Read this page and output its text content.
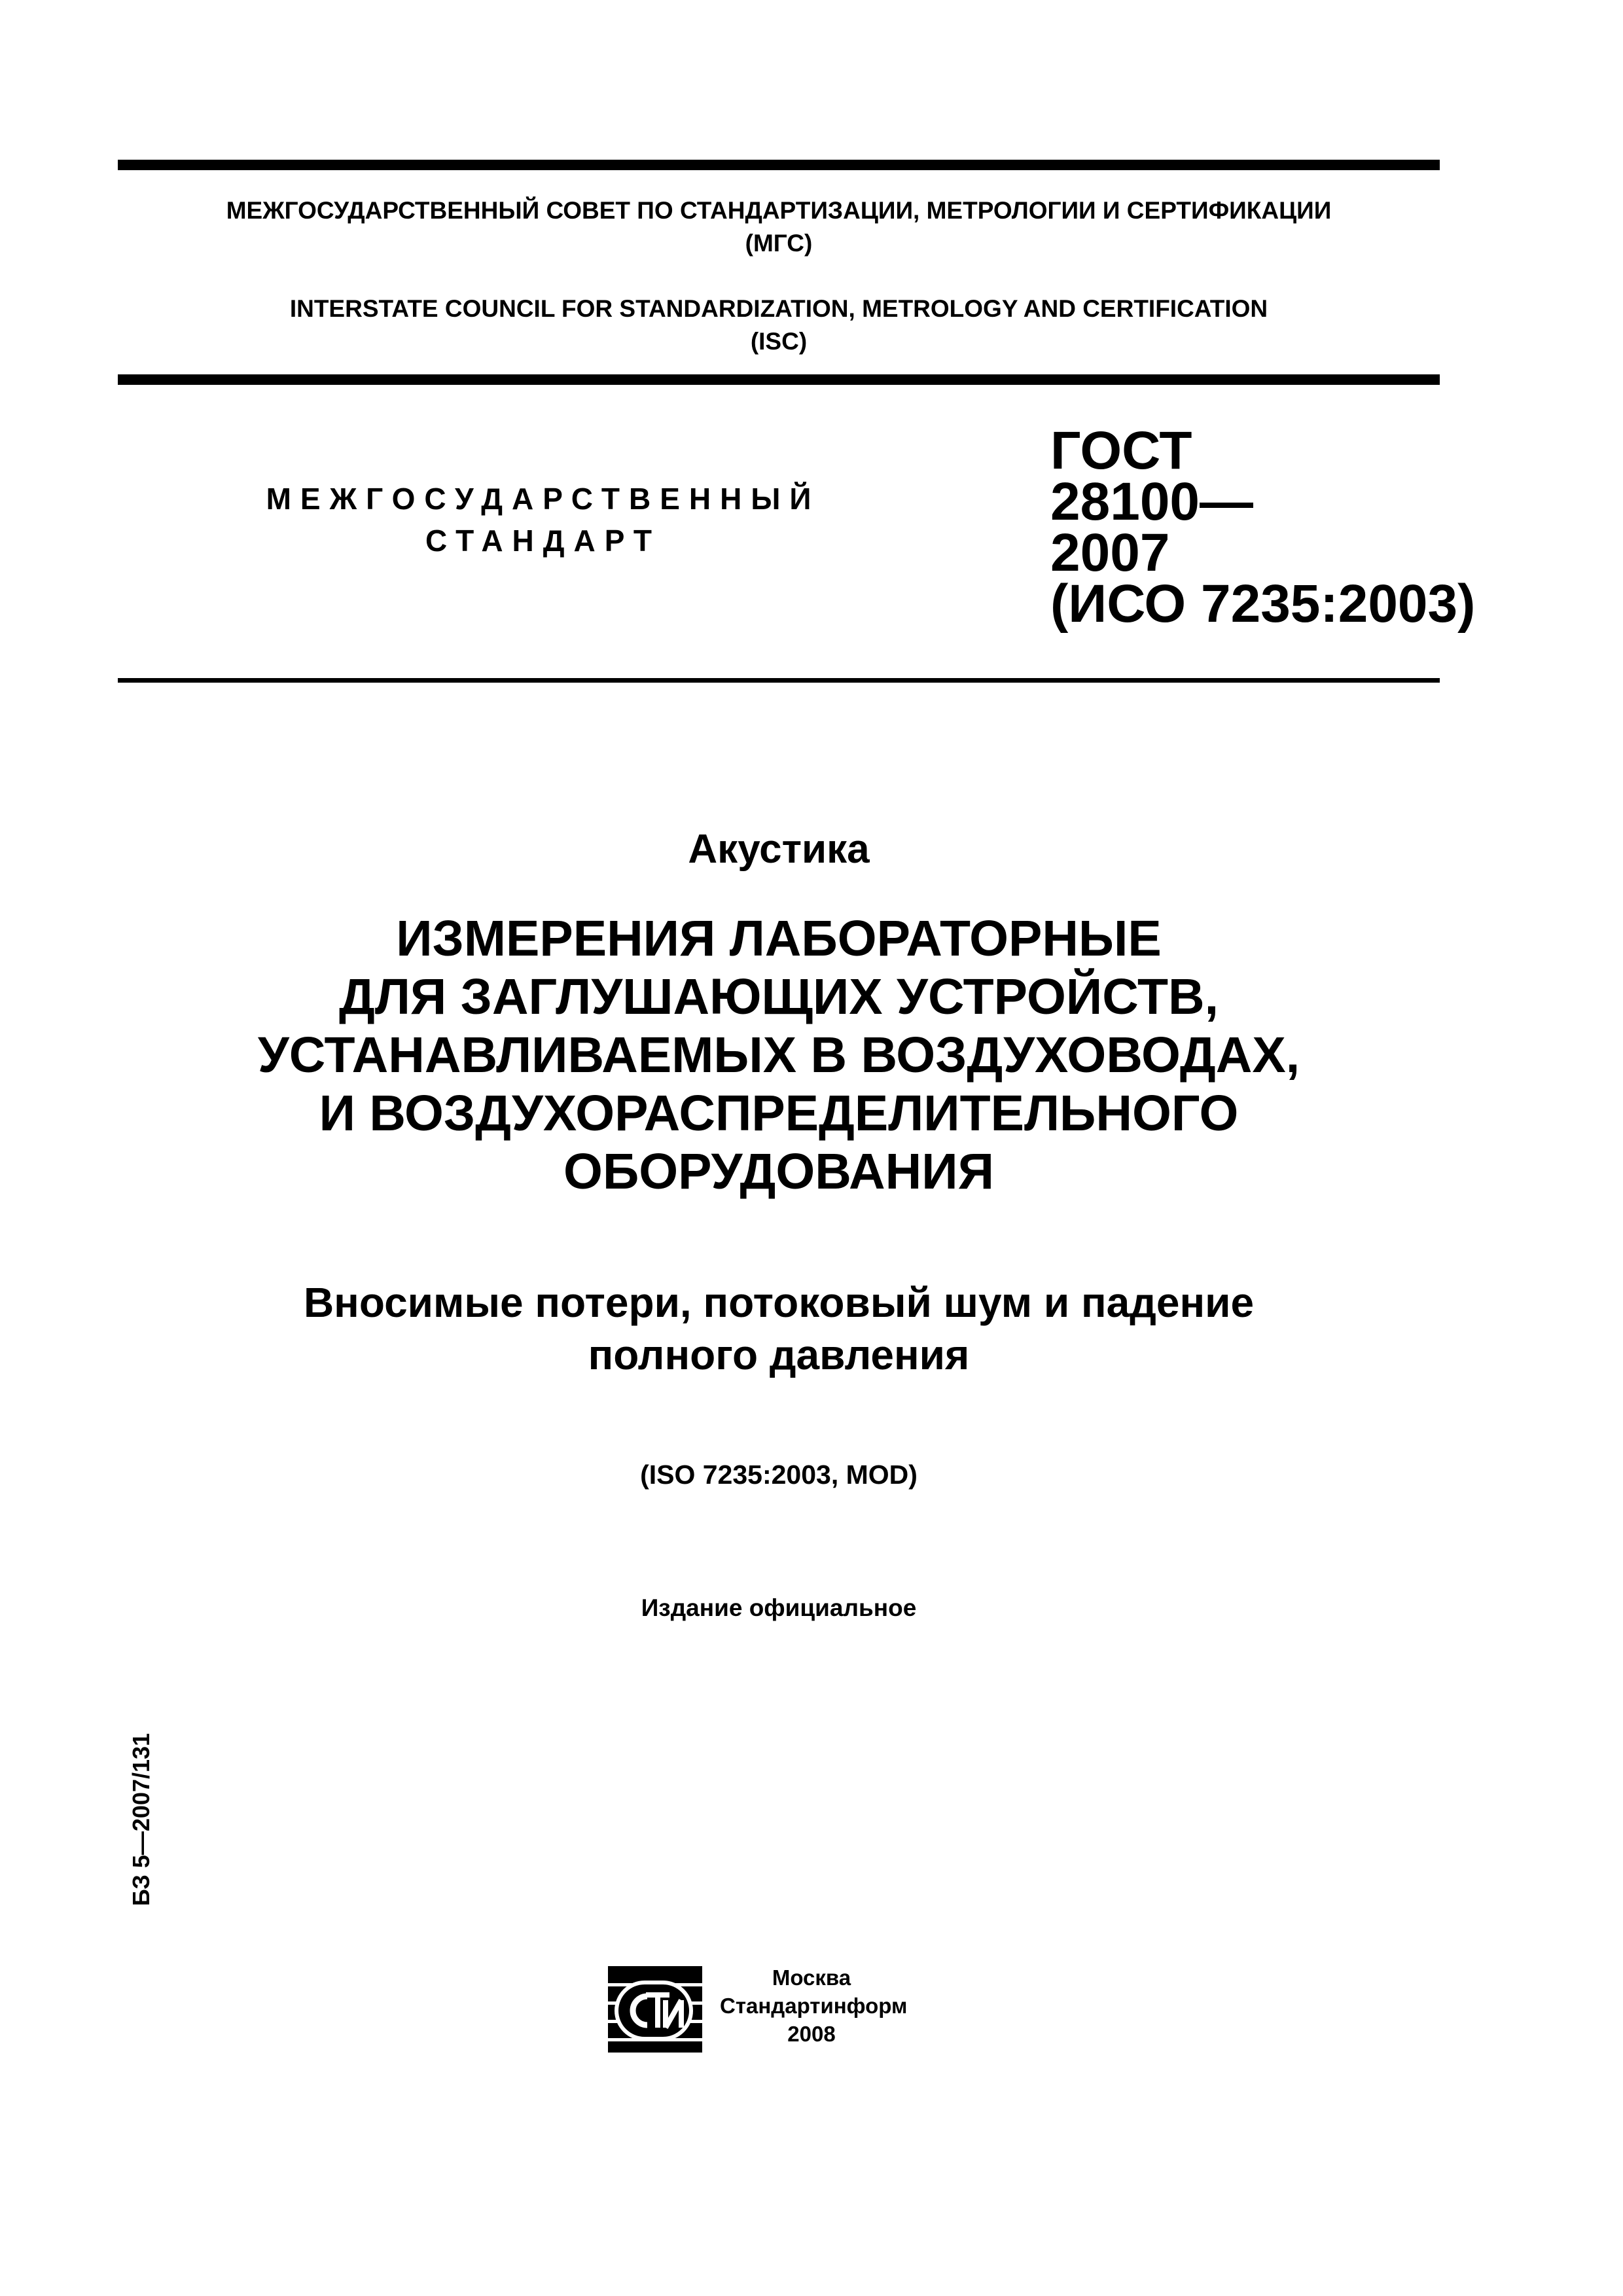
МЕЖГОСУДАРСТВЕННЫЙ СОВЕТ ПО СТАНДАРТИЗАЦИИ, МЕТРОЛОГИИ И СЕРТИФИКАЦИИ
(МГС)
INTERSTATE COUNCIL FOR STANDARDIZATION, METROLOGY AND CERTIFICATION
(ISC)
МЕЖГОСУДАРСТВЕННЫЙ
СТАНДАРТ
ГОСТ
28100—
2007
(ИСО 7235:2003)
Акустика
ИЗМЕРЕНИЯ ЛАБОРАТОРНЫЕ
ДЛЯ ЗАГЛУШАЮЩИХ УСТРОЙСТВ,
УСТАНАВЛИВАЕМЫХ В ВОЗДУХОВОДАХ,
И ВОЗДУХОРАСПРЕДЕЛИТЕЛЬНОГО
ОБОРУДОВАНИЯ
Вносимые потери, потоковый шум и падение
полного давления
(ISO 7235:2003, MOD)
Издание официальное
БЗ 5—2007/131
Москва
Стандартинформ
2008
